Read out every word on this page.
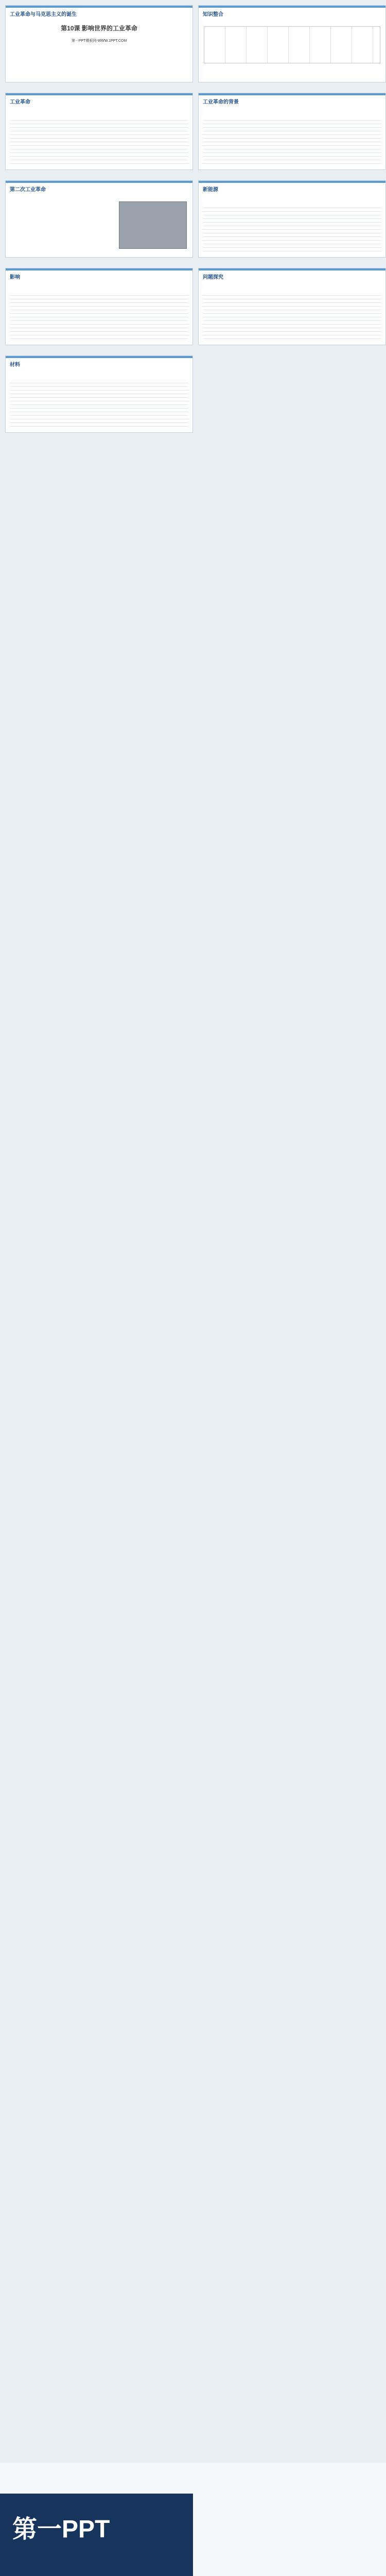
工业革命与马克思主义的诞生
第10课 影响世界的工业革命
第一PPT模板网-WWW.1PPT.COM
知识整合
工业革命	工业革命的背景
第二次工业革命	新能源
影响	问题探究
材料
第一PPT
